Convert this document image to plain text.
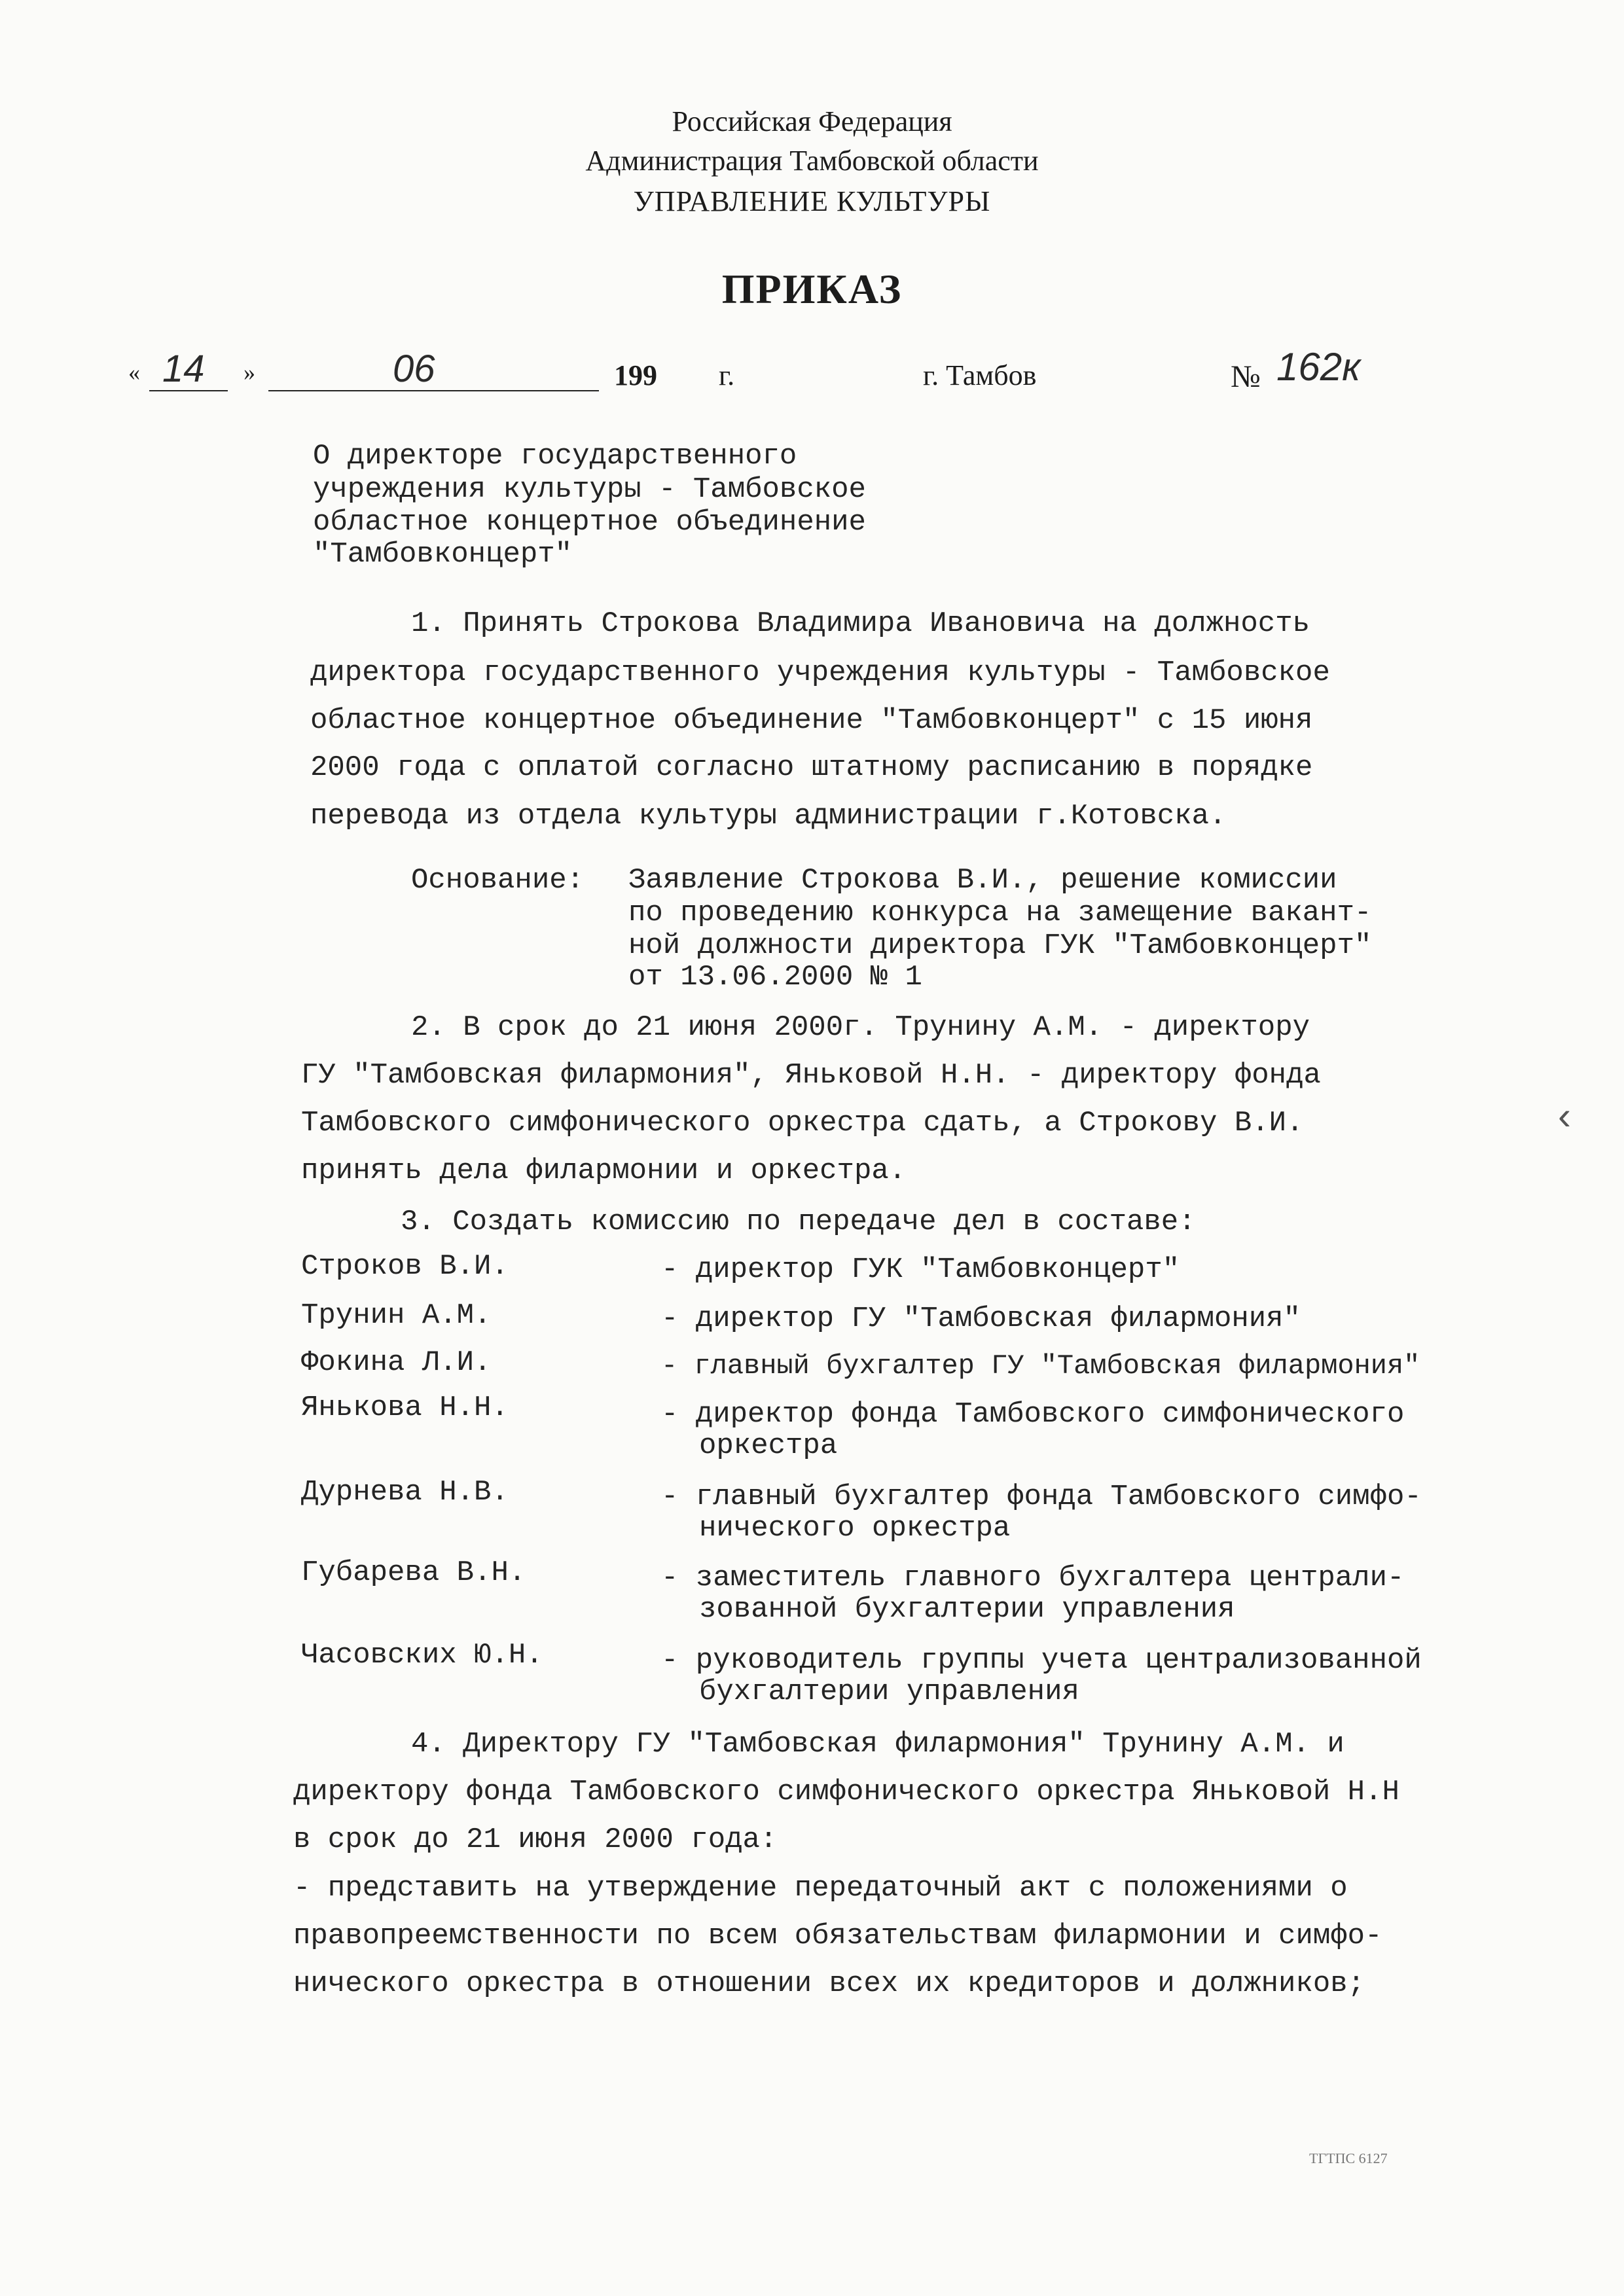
Российская Федерация
Администрация Тамбовской области
УПРАВЛЕНИЕ КУЛЬТУРЫ
ПРИКАЗ
« 14 »	06	199 г.	г. Тамбов	№ 162к
О директоре государственного
учреждения культуры - Тамбовское
областное концертное объединение
"Тамбовконцерт"
1. Принять Строкова Владимира Ивановича на должность
директора государственного учреждения культуры - Тамбовское
областное концертное объединение "Тамбовконцерт" с 15 июня
2000 года с оплатой согласно штатному расписанию в порядке
перевода из отдела культуры администрации г.Котовска.
Основание: Заявление Строкова В.И., решение комиссии
по проведению конкурса на замещение вакант-
ной должности директора ГУК "Тамбовконцерт"
от 13.06.2000 № 1
2. В срок до 21 июня 2000г. Трунину А.М. - директору
ГУ "Тамбовская филармония", Яньковой Н.Н. - директору фонда
Тамбовского симфонического оркестра сдать, а Строкову В.И.
принять дела филармонии и оркестра.
‹
3. Создать комиссию по передаче дел в составе:
Строков В.И.	- директор ГУК "Тамбовконцерт"
Трунин А.М.	- директор ГУ "Тамбовская филармония"
Фокина Л.И.	- главный бухгалтер ГУ "Тамбовская филармония"
Янькова Н.Н.	- директор фонда Тамбовского симфонического
оркестра
Дурнева Н.В.	- главный бухгалтер фонда Тамбовского симфо-
нического оркестра
Губарева В.Н.	- заместитель главного бухгалтера централи-
зованной бухгалтерии управления
Часовских Ю.Н.	- руководитель группы учета централизованной
бухгалтерии управления
4. Директору ГУ "Тамбовская филармония" Трунину А.М. и
директору фонда Тамбовского симфонического оркестра Яньковой Н.Н
в срок до 21 июня 2000 года:
- представить на утверждение передаточный акт с положениями о
правопреемственности по всем обязательствам филармонии и симфо-
нического оркестра в отношении всех их кредиторов и должников;
ТГТПС 6127
